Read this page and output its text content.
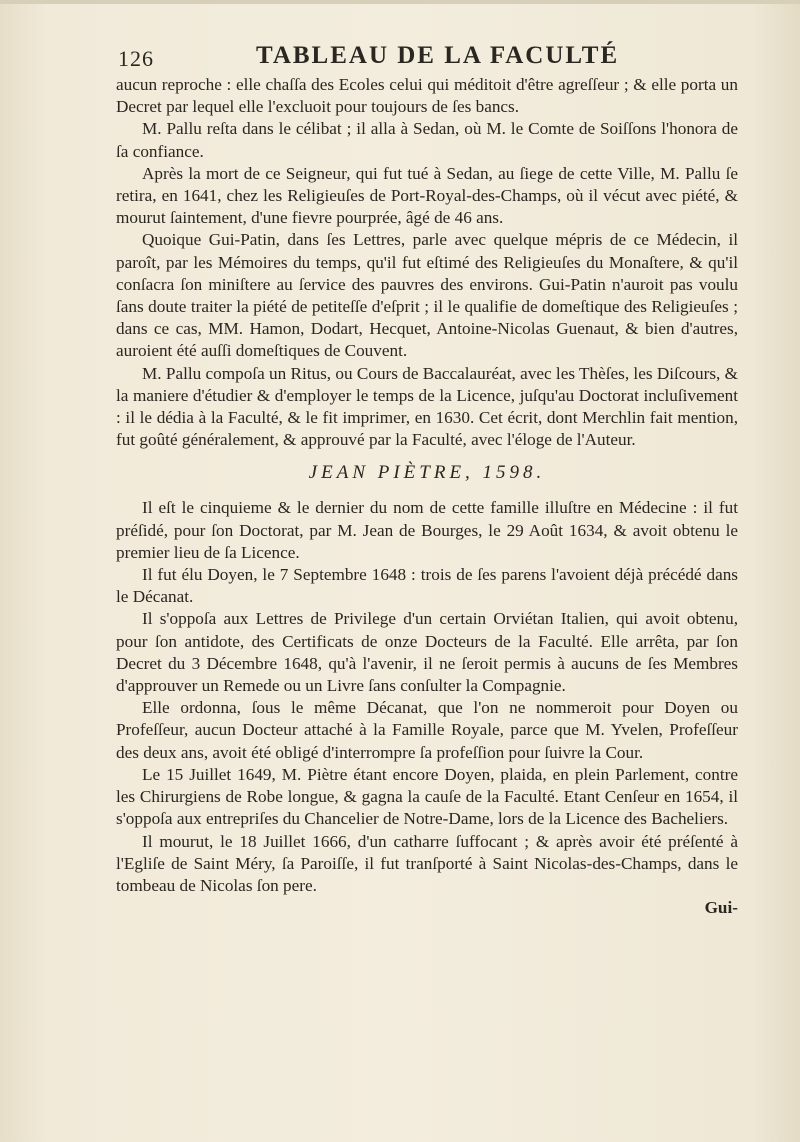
126	TABLEAU DE LA FACULTÉ

aucun reproche : elle chaſſa des Ecoles celui qui méditoit d'être agreſſeur ; & elle porta un Decret par lequel elle l'excluoit pour toujours de ſes bancs.

M. Pallu reſta dans le célibat ; il alla à Sedan, où M. le Comte de Soiſſons l'honora de ſa confiance.

Après la mort de ce Seigneur, qui fut tué à Sedan, au ſiege de cette Ville, M. Pallu ſe retira, en 1641, chez les Religieuſes de Port-Royal-des-Champs, où il vécut avec piété, & mourut ſaintement, d'une fievre pourprée, âgé de 46 ans.

Quoique Gui-Patin, dans ſes Lettres, parle avec quelque mépris de ce Médecin, il paroît, par les Mémoires du temps, qu'il fut eſtimé des Religieuſes du Monaſtere, & qu'il conſacra ſon miniſtere au ſervice des pauvres des environs. Gui-Patin n'auroit pas voulu ſans doute traiter la piété de petiteſſe d'eſprit ; il le qualifie de domeſtique des Religieuſes ; dans ce cas, MM. Hamon, Dodart, Hecquet, Antoine-Nicolas Guenaut, & bien d'autres, auroient été auſſi domeſtiques de Couvent.

M. Pallu compoſa un Ritus, ou Cours de Baccalauréat, avec les Thèſes, les Diſcours, & la maniere d'étudier & d'employer le temps de la Licence, juſqu'au Doctorat incluſivement : il le dédia à la Faculté, & le fit imprimer, en 1630. Cet écrit, dont Merchlin fait mention, fut goûté généralement, & approuvé par la Faculté, avec l'éloge de l'Auteur.

JEAN PIÈTRE, 1598.

Il eſt le cinquieme & le dernier du nom de cette famille illuſtre en Médecine : il fut préſidé, pour ſon Doctorat, par M. Jean de Bourges, le 29 Août 1634, & avoit obtenu le premier lieu de ſa Licence.

Il fut élu Doyen, le 7 Septembre 1648 : trois de ſes parens l'avoient déjà précédé dans le Décanat.

Il s'oppoſa aux Lettres de Privilege d'un certain Orviétan Italien, qui avoit obtenu, pour ſon antidote, des Certificats de onze Docteurs de la Faculté. Elle arrêta, par ſon Decret du 3 Décembre 1648, qu'à l'avenir, il ne ſeroit permis à aucuns de ſes Membres d'approuver un Remede ou un Livre ſans conſulter la Compagnie.

Elle ordonna, ſous le même Décanat, que l'on ne nommeroit pour Doyen ou Profeſſeur, aucun Docteur attaché à la Famille Royale, parce que M. Yvelen, Profeſſeur des deux ans, avoit été obligé d'interrompre ſa profeſſion pour ſuivre la Cour.

Le 15 Juillet 1649, M. Piètre étant encore Doyen, plaida, en plein Parlement, contre les Chirurgiens de Robe longue, & gagna la cauſe de la Faculté. Etant Cenſeur en 1654, il s'oppoſa aux entrepriſes du Chancelier de Notre-Dame, lors de la Licence des Bacheliers.

Il mourut, le 18 Juillet 1666, d'un catharre ſuffocant ; & après avoir été préſenté à l'Egliſe de Saint Méry, ſa Paroiſſe, il fut tranſporté à Saint Nicolas-des-Champs, dans le tombeau de Nicolas ſon pere.

Gui-
